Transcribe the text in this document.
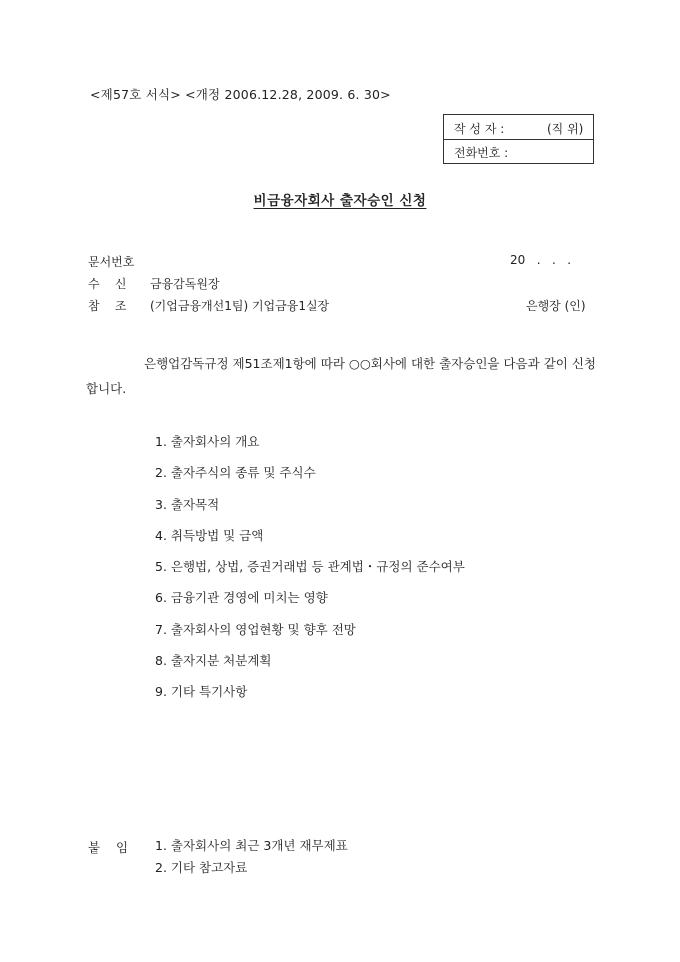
<제57호 서식> <개정 2006.12.28, 2009. 6. 30>
작 성 자 :	(직 위)
전화번호 :
비금융자회사 출자승인 신청
문서번호	20   .   .   .
수    신 금융감독원장
참    조 (기업금융개선1팀) 기업금융1실장	은행장 (인)
은행업감독규정 제51조제1항에 따라 ○○회사에 대한 출자승인을 다음과 같이 신청합니다.
1. 출자회사의 개요
2. 출자주식의 종류 및 주식수
3. 출자목적
4. 취득방법 및 금액
5. 은행법, 상법, 증권거래법 등 관계법・규정의 준수여부
6. 금융기관 경영에 미치는 영향
7. 출자회사의 영업현황 및 향후 전망
8. 출자지분 처분계획
9. 기타 특기사항
붙    임 1. 출자회사의 최근 3개년 재무제표
2. 기타 참고자료
